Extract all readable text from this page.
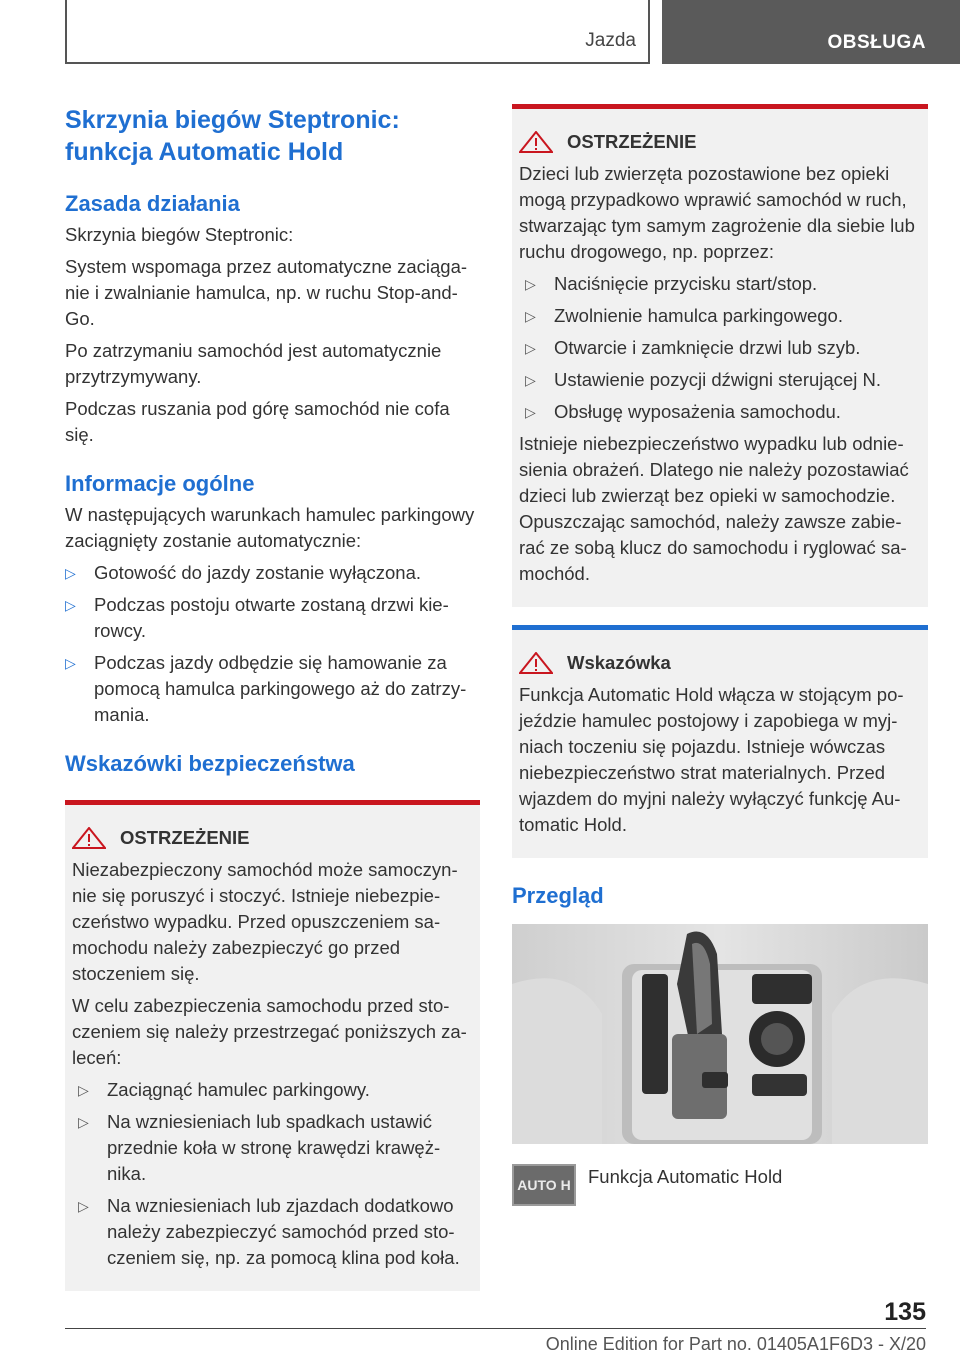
Jazda	OBSŁUGA
Skrzynia biegów Steptronic: funkcja Automatic Hold
Zasada działania

Skrzynia biegów Steptronic:

System wspomaga przez automatyczne zaciąganie i zwalnianie hamulca, np. w ruchu Stop-and-Go.

Po zatrzymaniu samochód jest automatycznie przytrzymywany.

Podczas ruszania pod górę samochód nie cofa się.

Informacje ogólne

W następujących warunkach hamulec parkingowy zaciągnięty zostanie automatycznie:

▷ Gotowość do jazdy zostanie wyłączona.
▷ Podczas postoju otwarte zostaną drzwi kierowcy.
▷ Podczas jazdy odbędzie się hamowanie za pomocą hamulca parkingowego aż do zatrzymania.
Wskazówki bezpieczeństwa
OSTRZEŻENIE

Niezabezpieczony samochód może samoczynnie się poruszyć i stoczyć. Istnieje niebezpieczeństwo wypadku. Przed opuszczeniem samochodu należy zabezpieczyć go przed stoczeniem się.

W celu zabezpieczenia samochodu przed stoczeniem się należy przestrzegać poniższych zaleceń:

▷ Zaciągnąć hamulec parkingowy.
▷ Na wzniesieniach lub spadkach ustawić przednie koła w stronę krawędzi krawężnika.
▷ Na wzniesieniach lub zjazdach dodatkowo należy zabezpieczyć samochód przed stoczeniem się, np. za pomocą klina pod koła.
OSTRZEŻENIE

Dzieci lub zwierzęta pozostawione bez opieki mogą przypadkowo wprawić samochód w ruch, stwarzając tym samym zagrożenie dla siebie lub ruchu drogowego, np. poprzez:

▷ Naciśnięcie przycisku start/stop.
▷ Zwolnienie hamulca parkingowego.
▷ Otwarcie i zamknięcie drzwi lub szyb.
▷ Ustawienie pozycji dźwigni sterującej N.
▷ Obsługę wyposażenia samochodu.

Istnieje niebezpieczeństwo wypadku lub odniesienia obrażeń. Dlatego nie należy pozostawiać dzieci lub zwierząt bez opieki w samochodzie. Opuszczając samochód, należy zawsze zabierać ze sobą klucz do samochodu i ryglować samochód.

Wskazówka

Funkcja Automatic Hold włącza w stojącym pojeździe hamulec postojowy i zapobiega w myjniach toczeniu się pojazdu. Istnieje wówczas niebezpieczeństwo strat materialnych. Przed wjazdem do myjni należy wyłączyć funkcję Automatic Hold.

Przegląd
AUTO H Funkcja Automatic Hold
135
Online Edition for Part no. 01405A1F6D3 - X/20
